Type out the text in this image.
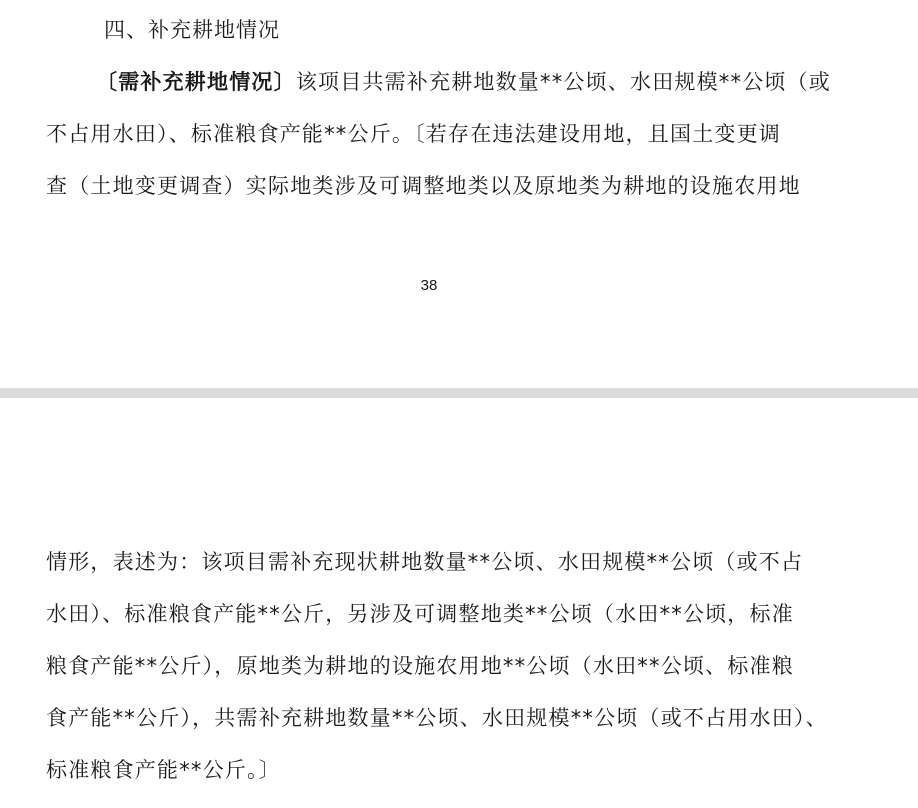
四、补充耕地情况
〔需补充耕地情况〕该项目共需补充耕地数量**公顷、水田规模**公顷（或
不占用水田）、标准粮食产能**公斤。〔若存在违法建设用地，且国土变更调
查（土地变更调查）实际地类涉及可调整地类以及原地类为耕地的设施农用地
38
情形，表述为：该项目需补充现状耕地数量**公顷、水田规模**公顷（或不占
水田）、标准粮食产能**公斤，另涉及可调整地类**公顷（水田**公顷，标准
粮食产能**公斤），原地类为耕地的设施农用地**公顷（水田**公顷、标准粮
食产能**公斤），共需补充耕地数量**公顷、水田规模**公顷（或不占用水田）、
标准粮食产能**公斤。〕
